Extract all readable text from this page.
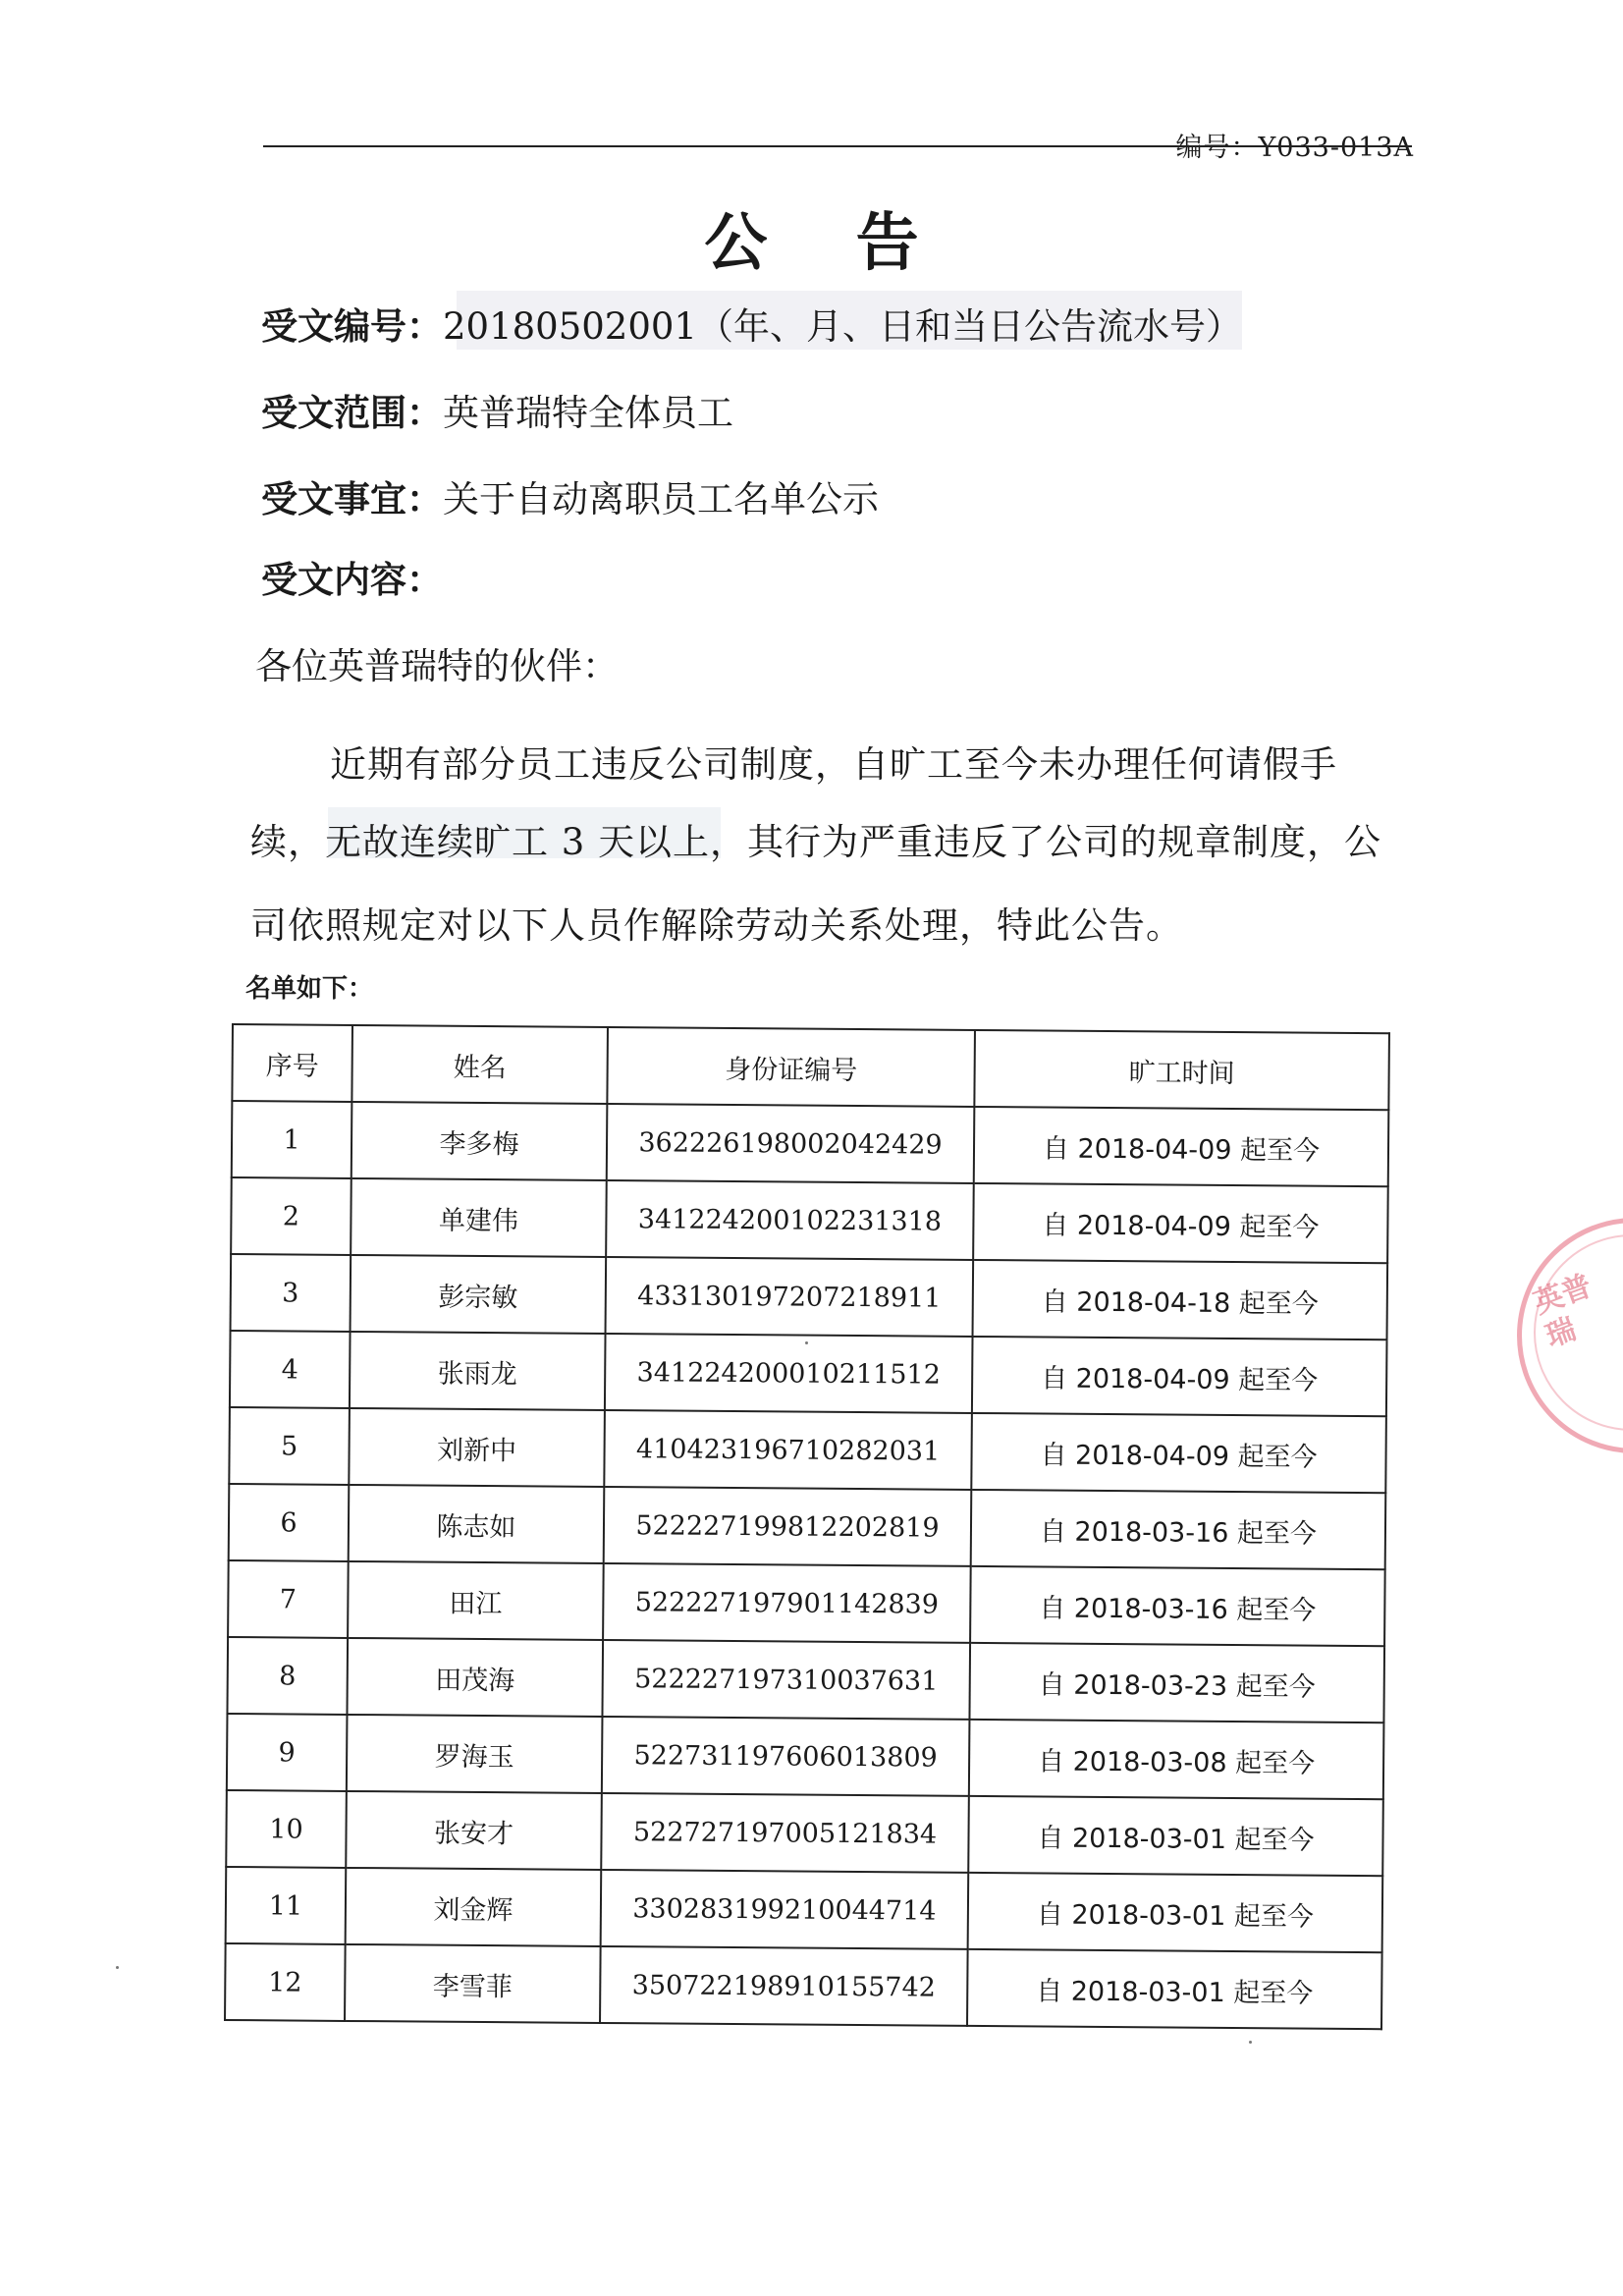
编号：Y033-013A
公 告
受文编号：20180502001（年、月、日和当日公告流水号）
受文范围：英普瑞特全体员工
受文事宜：关于自动离职员工名单公示
受文内容：
各位英普瑞特的伙伴：
近期有部分员工违反公司制度，自旷工至今未办理任何请假手
续，无故连续旷工 3 天以上，其行为严重违反了公司的规章制度，公
司依照规定对以下人员作解除劳动关系处理，特此公告。
名单如下：
序号	姓名	身份证编号	旷工时间
1	李多梅	362226198002042429	自 2018-04-09 起至今
2	单建伟	341224200102231318	自 2018-04-09 起至今
3	彭宗敏	433130197207218911	自 2018-04-18 起至今
4	张雨龙	341224200010211512	自 2018-04-09 起至今
5	刘新中	410423196710282031	自 2018-04-09 起至今
6	陈志如	522227199812202819	自 2018-03-16 起至今
7	田江	522227197901142839	自 2018-03-16 起至今
8	田茂海	522227197310037631	自 2018-03-23 起至今
9	罗海玉	522731197606013809	自 2018-03-08 起至今
10	张安才	522727197005121834	自 2018-03-01 起至今
11	刘金辉	330283199210044714	自 2018-03-01 起至今
12	李雪菲	350722198910155742	自 2018-03-01 起至今
英普瑞
